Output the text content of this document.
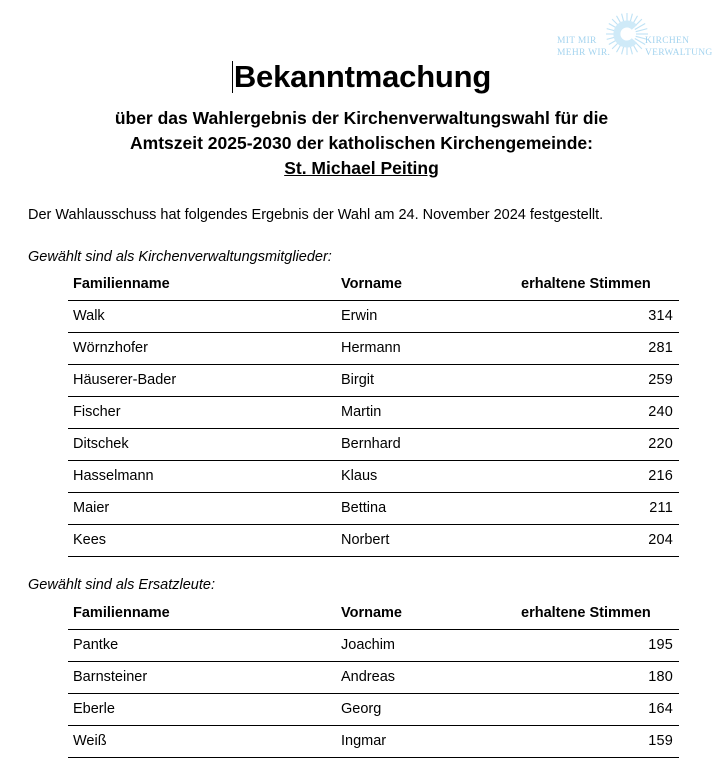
MIT MIR
MEHR WIR.
KIRCHEN
VERWALTUNG
Bekanntmachung
über das Wahlergebnis der Kirchenverwaltungswahl für die
Amtszeit 2025-2030 der katholischen Kirchengemeinde:
St. Michael Peiting

Der Wahlausschuss hat folgendes Ergebnis der Wahl am 24. November 2024 festgestellt.

Gewählt sind als Kirchenverwaltungsmitglieder:
Familienname	Vorname	erhaltene Stimmen
Walk	Erwin	314
Wörnzhofer	Hermann	281
Häuserer-Bader	Birgit	259
Fischer	Martin	240
Ditschek	Bernhard	220
Hasselmann	Klaus	216
Maier	Bettina	211
Kees	Norbert	204
Gewählt sind als Ersatzleute:
Familienname	Vorname	erhaltene Stimmen
Pantke	Joachim	195
Barnsteiner	Andreas	180
Eberle	Georg	164
Weiß	Ingmar	159
